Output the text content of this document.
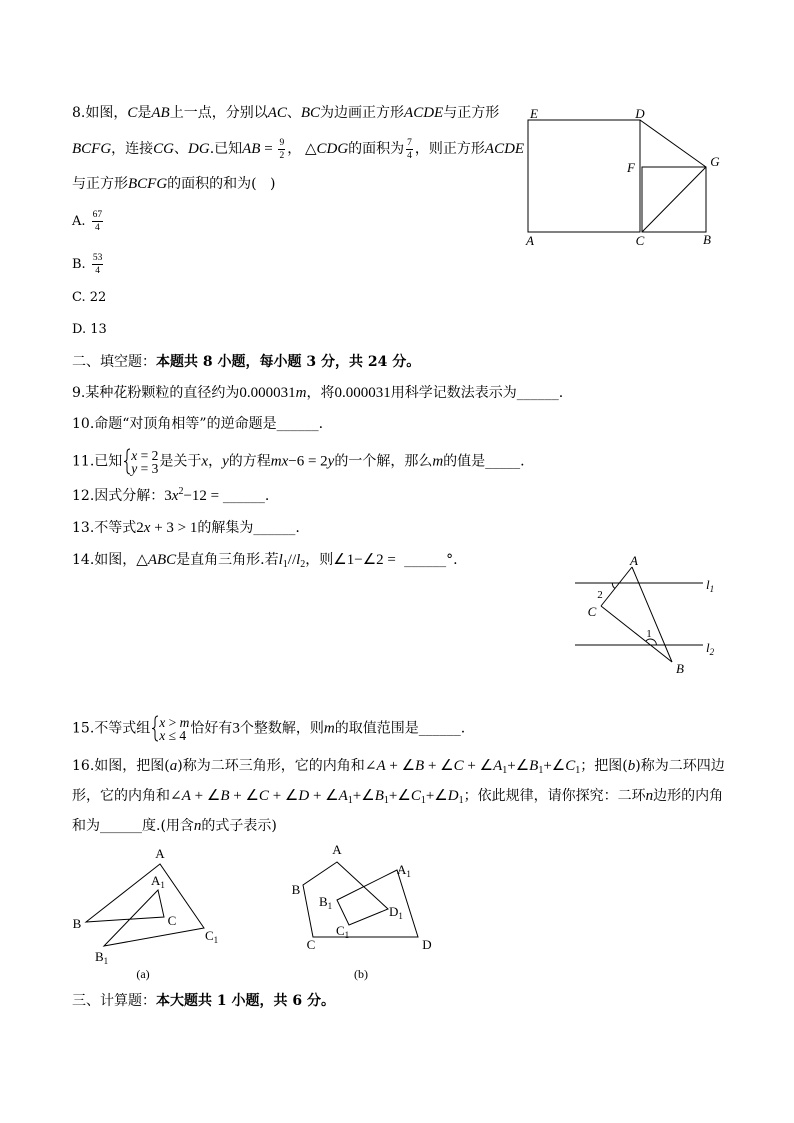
8.如图，C是AB上一点，分别以AC、BC为边画正方形ACDE与正方形
BCFG，连接CG、DG.已知AB = $\frac{9}{2}$ ， △CDG的面积为 $\frac{7}{4}$ ，则正方形ACDE
与正方形BCFG的面积的和为(   )
A. $\frac{67}{4}$
B. $\frac{53}{4}$
C. 22
D. 13
二、填空题：本题共 8 小题，每小题 3 分，共 24 分。
9.某种花粉颗粒的直径约为0.000031m，将0.000031用科学记数法表示为______.
10.命题“对顶角相等”的逆命题是______.
11.已知 x = 2
y = 3 是关于x，y的方程mx−6 = 2y的一个解，那么m的值是_____.
12.因式分解：$3x^2-12$ = ______.
13.不等式2x + 3 > 1的解集为______.
14.如图，△ABC是直角三角形.若$l_1//l_2$，则∠1−∠2 =  ______°.
15.不等式组 x > m
x ≤ 4 恰好有3个整数解，则m的取值范围是______.
16.如图，把图(a)称为二环三角形，它的内角和∠A + ∠B + ∠C + $\angle A_1+\angle B_1+\angle C_1$；把图(b)称为二环四边
形，它的内角和∠A + ∠B + ∠C + ∠D + $\angle A_1+\angle B_1+\angle C_1+\angle D_1$；依此规律，请你探究：二环n边形的内角
和为______度.(用含n的式子表示)
三、计算题：本大题共 1 小题，共 6 分。
E	D
F	G
A	C	B
A
C
B
2
1
$l_1$
$l_2$
A
$A_1$
B	C
$C_1$
$B_1$
(a)
A
$A_1$
B
$B_1$
$C_1$
$D_1$
C	D
(b)
